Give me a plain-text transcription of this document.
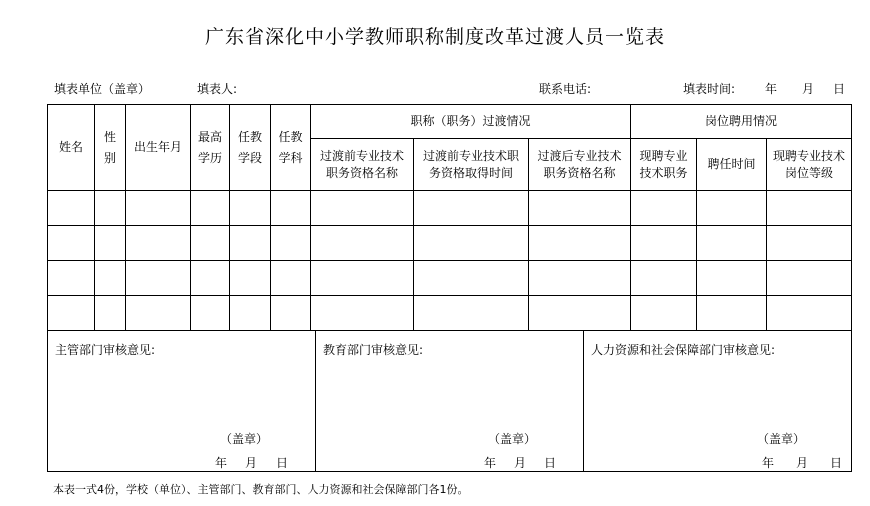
广东省深化中小学教师职称制度改革过渡人员一览表
填表单位（盖章）	填表人:	联系电话:	填表时间: 年 月 日
姓名	性别	出生年月	最高学历	任教学段	任教学科	职称（职务）过渡情况			岗位聘用情况		

						过渡前专业技术职务资格名称	过渡前专业技术职务资格取得时间	过渡后专业技术职务资格名称	现聘专业技术职务	聘任时间	现聘专业技术岗位等级

主管部门审核意见:
（盖章）
年 月 日
教育部门审核意见:
（盖章）
年 月 日
人力资源和社会保障部门审核意见:
（盖章）
年 月 日
本表一式4份，学校（单位）、主管部门、教育部门、人力资源和社会保障部门各1份。
